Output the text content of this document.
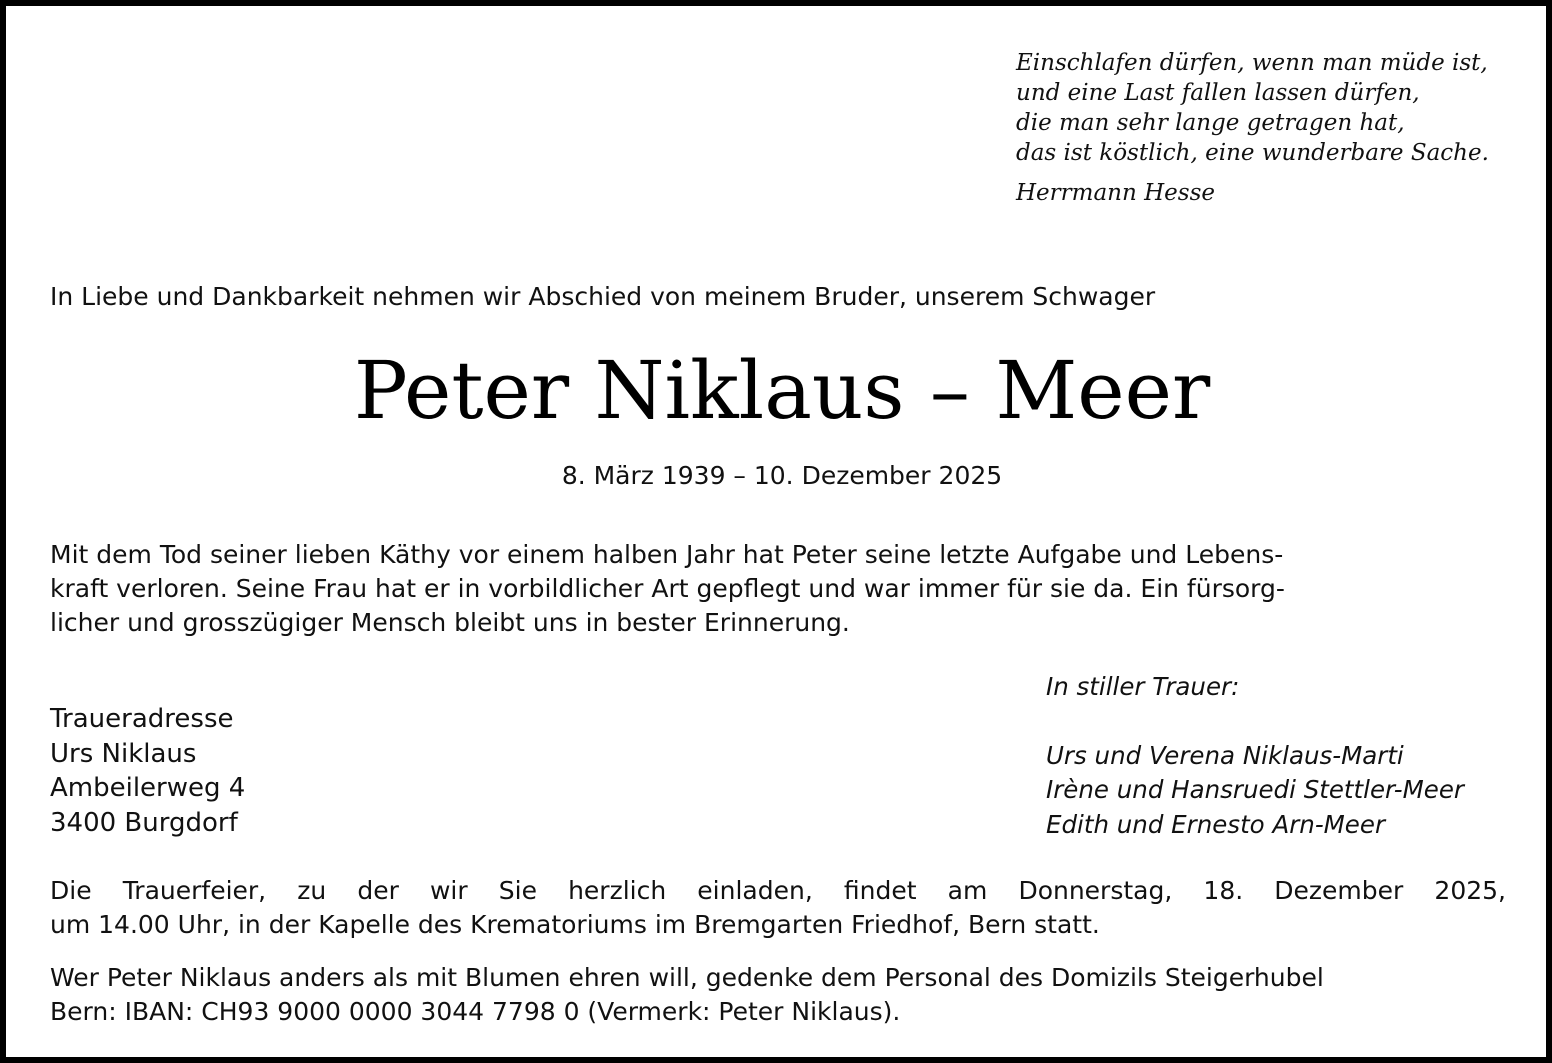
Einschlafen dürfen, wenn man müde ist,
und eine Last fallen lassen dürfen,
die man sehr lange getragen hat,
das ist köstlich, eine wunderbare Sache.
Herrmann Hesse
In Liebe und Dankbarkeit nehmen wir Abschied von meinem Bruder, unserem Schwager
Peter Niklaus – Meer
8. März 1939 – 10. Dezember 2025
Mit dem Tod seiner lieben Käthy vor einem halben Jahr hat Peter seine letzte Aufgabe und Lebens-
kraft verloren. Seine Frau hat er in vorbildlicher Art gepflegt und war immer für sie da. Ein fürsorg-
licher und grosszügiger Mensch bleibt uns in bester Erinnerung.
Traueradresse
Urs Niklaus
Ambeilerweg 4
3400 Burgdorf
In stiller Trauer:
Urs und Verena Niklaus-Marti
Irène und Hansruedi Stettler-Meer
Edith und Ernesto Arn-Meer
Die Trauerfeier, zu der wir Sie herzlich einladen, findet am Donnerstag, 18. Dezember 2025,
um 14.00 Uhr, in der Kapelle des Krematoriums im Bremgarten Friedhof, Bern statt.
Wer Peter Niklaus anders als mit Blumen ehren will, gedenke dem Personal des Domizils Steigerhubel
Bern: IBAN: CH93 9000 0000 3044 7798 0 (Vermerk: Peter Niklaus).
